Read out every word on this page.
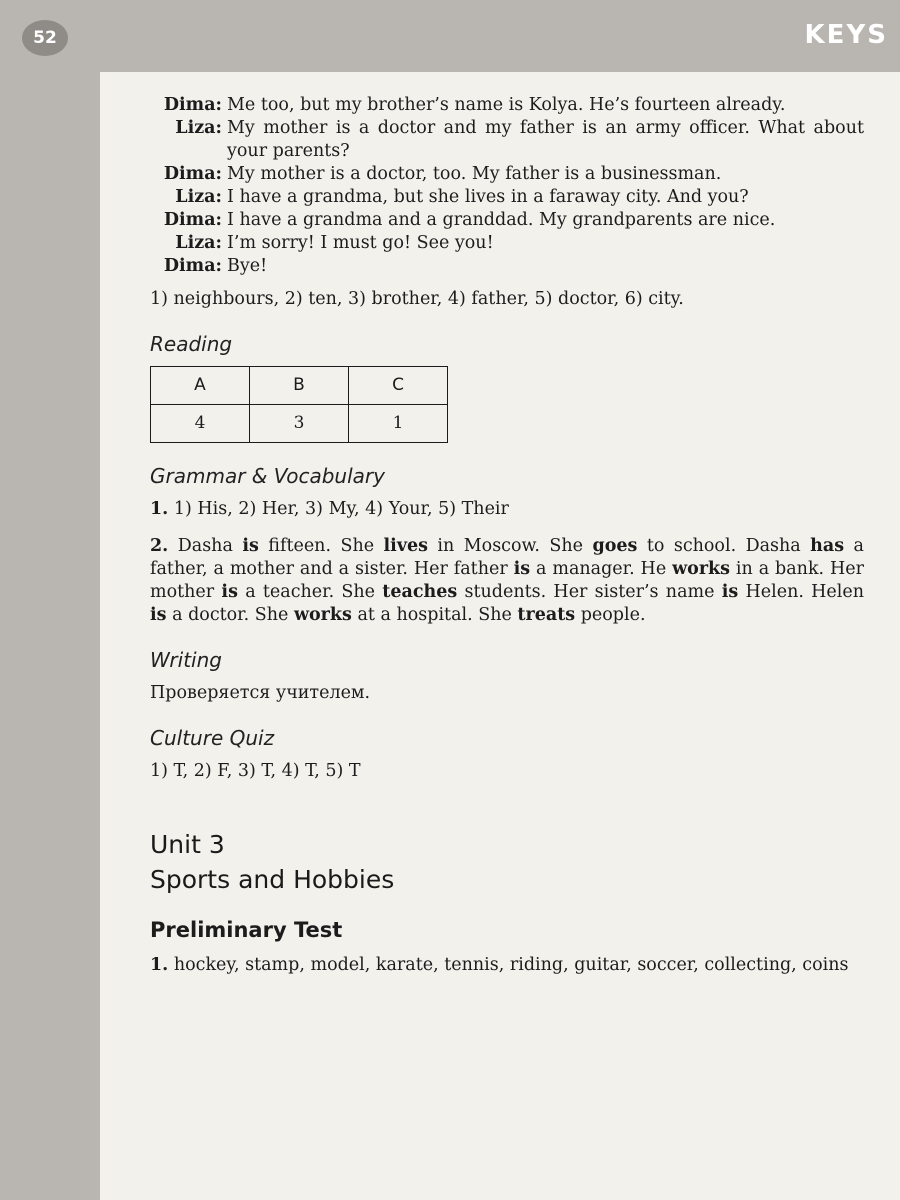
52	KEYS
Dima: Me too, but my brother’s name is Kolya. He’s fourteen already.
Liza: My mother is a doctor and my father is an army officer. What about your parents?
Dima: My mother is a doctor, too. My father is a businessman.
Liza: I have a grandma, but she lives in a faraway city. And you?
Dima: I have a grandma and a granddad. My grandparents are nice.
Liza: I’m sorry! I must go! See you!
Dima: Bye!
1) neighbours, 2) ten, 3) brother, 4) father, 5) doctor, 6) city.
Reading
A	B	C
4	3	1
Grammar & Vocabulary
1. 1) His, 2) Her, 3) My, 4) Your, 5) Their
2. Dasha is fifteen. She lives in Moscow. She goes to school. Dasha has a father, a mother and a sister. Her father is a manager. He works in a bank. Her mother is a teacher. She teaches students. Her sister’s name is Helen. Helen is a doctor. She works at a hospital. She treats people.
Writing
Проверяется учителем.
Culture Quiz
1) T, 2) F, 3) T, 4) T, 5) T
Unit 3
Sports and Hobbies
Preliminary Test
1. hockey, stamp, model, karate, tennis, riding, guitar, soccer, collecting, coins
